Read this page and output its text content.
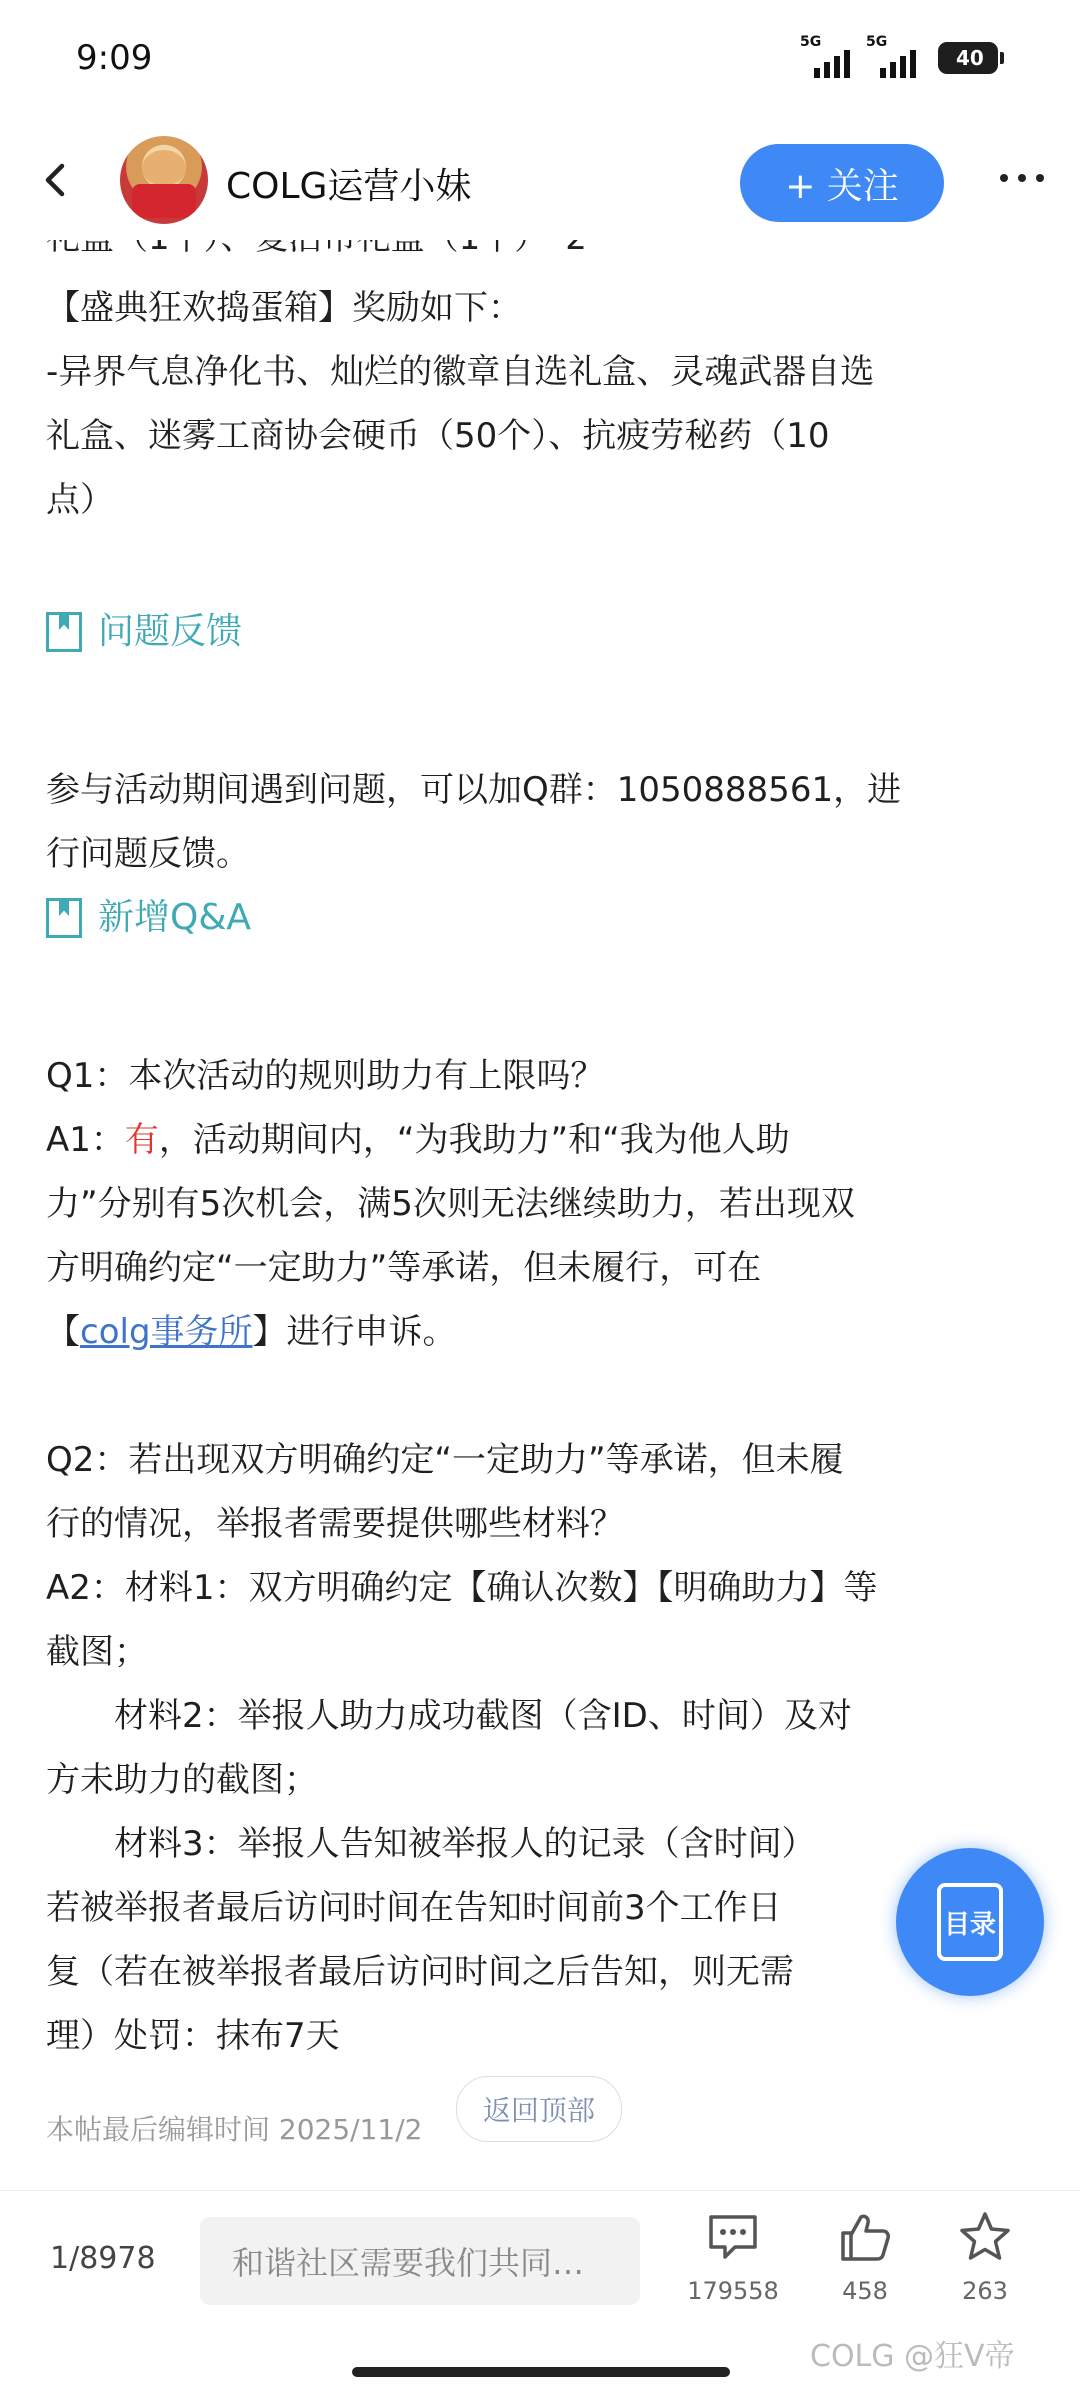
9:09	5G	5G
40
【盛典狂欢捣蛋箱】奖励如下：
-异界气息净化书、灿烂的徽章自选礼盒、灵魂武器自选
礼盒、迷雾工商协会硬币（50个）、抗疲劳秘药（10
点）
问题反馈
参与活动期间遇到问题，可以加Q群：1050888561，进
行问题反馈。
新增Q&A
Q1：本次活动的规则助力有上限吗？
A1：有，活动期间内，“为我助力”和“我为他人助
力”分别有5次机会，满5次则无法继续助力，若出现双
方明确约定“一定助力”等承诺，但未履行，可在
【colg事务所】进行申诉。
Q2：若出现双方明确约定“一定助力”等承诺，但未履
行的情况，举报者需要提供哪些材料？
A2：材料1：双方明确约定【确认次数】【明确助力】等
截图；
　　材料2：举报人助力成功截图（含ID、时间）及对
方未助力的截图；
　　材料3：举报人告知被举报人的记录（含时间）
若被举报者最后访问时间在告知时间前3个工作日
复（若在被举报者最后访问时间之后告知，则无需
理）处罚：抹布7天
本帖最后编辑时间 2025/11/2
COLG运营小妹	+ 关注
目录
返回顶部
1/8978	和谐社区需要我们共同…
179558	458	263
COLG @狂V帝
